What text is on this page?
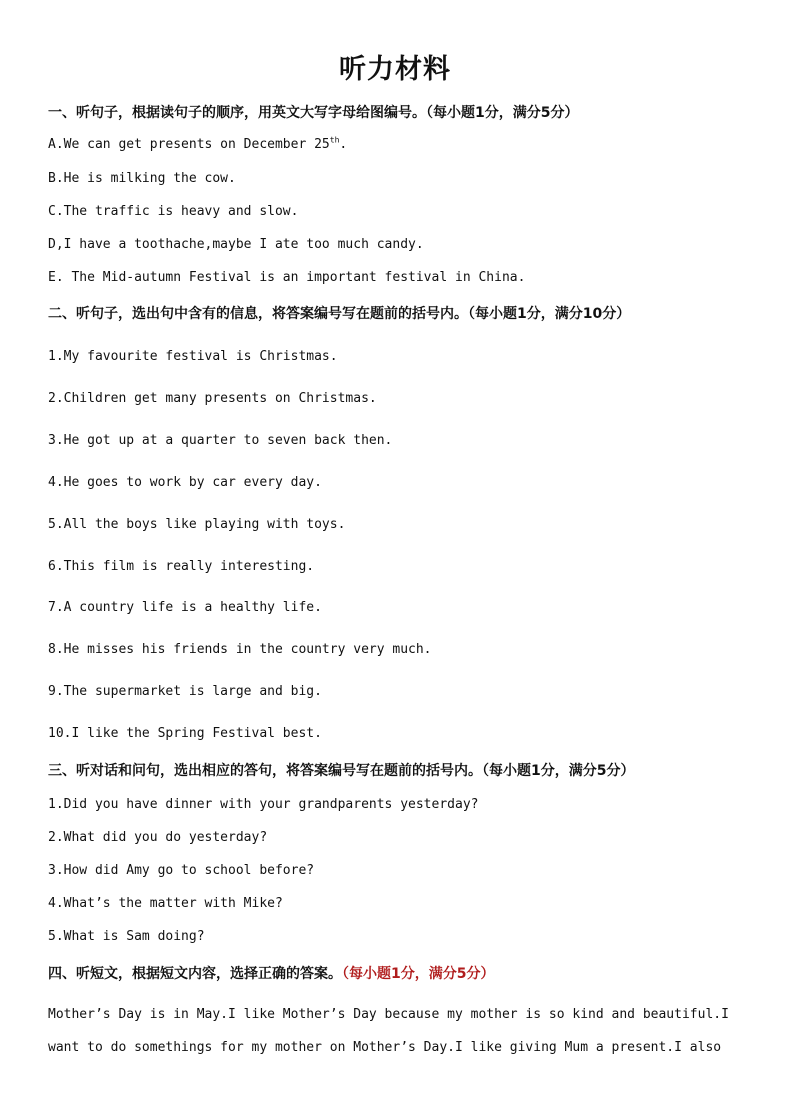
听力材料
一、听句子，根据读句子的顺序，用英文大写字母给图编号。（每小题1分，满分5分）
A.We can get presents on December 25th.
B.He is milking the cow.
C.The traffic is heavy and slow.
D,I have a toothache,maybe I ate too much candy.
E. The Mid-autumn Festival is an important festival in China.
二、听句子，选出句中含有的信息，将答案编号写在题前的括号内。（每小题1分，满分10分）
1.My favourite festival is Christmas.
2.Children get many presents on Christmas.
3.He got up at a quarter to seven back then.
4.He goes to work by car every day.
5.All the boys like playing with toys.
6.This film is really interesting.
7.A country life is a healthy life.
8.He misses his friends in the country very much.
9.The supermarket is large and big.
10.I like the Spring Festival best.
三、听对话和问句，选出相应的答句，将答案编号写在题前的括号内。（每小题1分，满分5分）
1.Did you have dinner with your grandparents yesterday?
2.What did you do yesterday?
3.How did Amy go to school before?
4.What’s the matter with Mike?
5.What is Sam doing?
四、听短文，根据短文内容，选择正确的答案。（每小题1分，满分5分）
Mother’s Day is in May.I like Mother’s Day because my mother is so kind and beautiful.I
want to do somethings for my mother on Mother’s Day.I like giving Mum a present.I also
